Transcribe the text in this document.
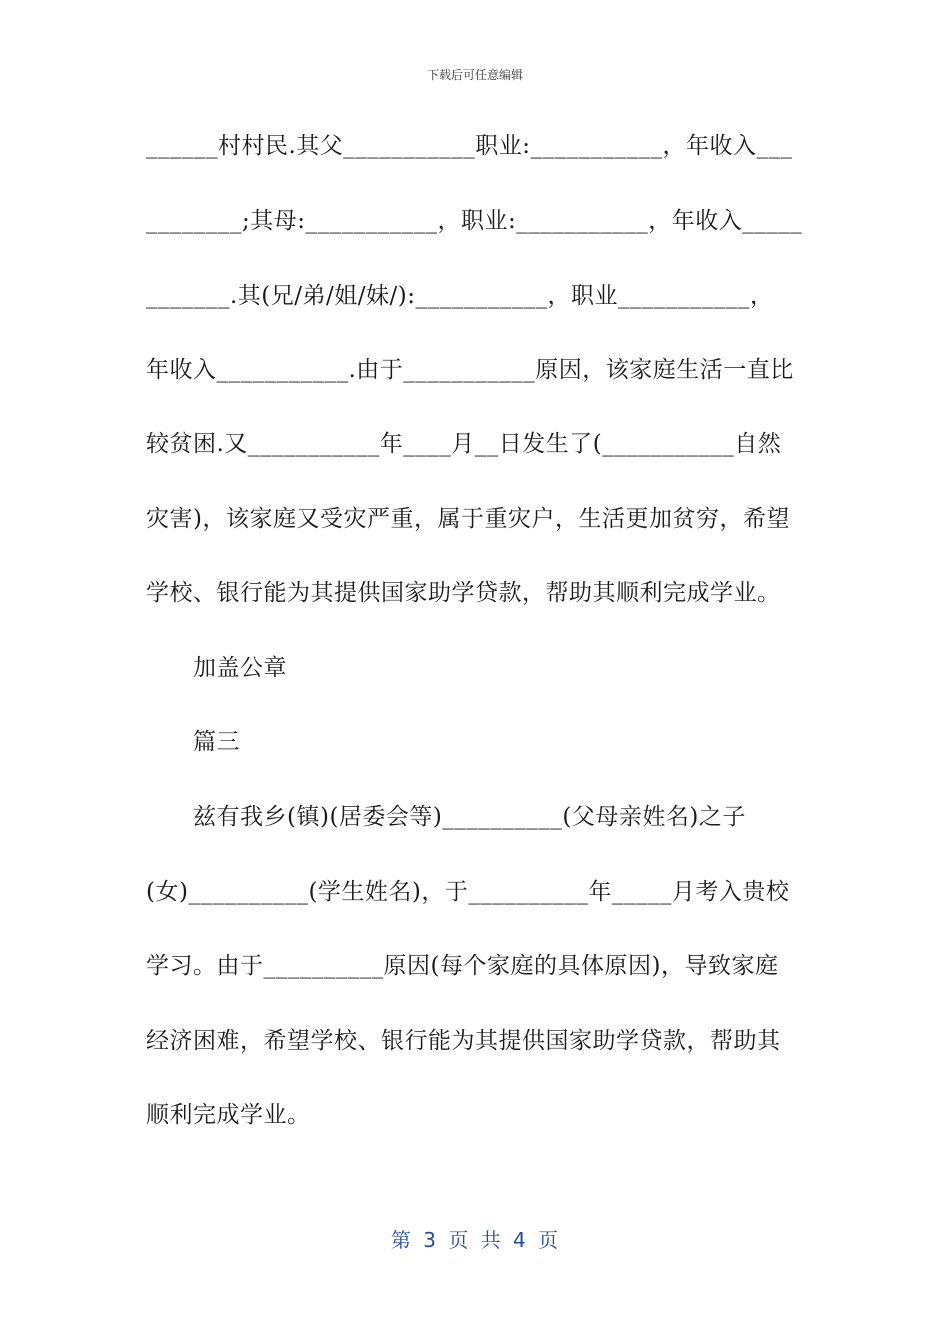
下载后可任意编辑
______村村民.其父___________职业:___________，年收入___
________;其母:___________，职业:___________，年收入_____
_______.其(兄/弟/姐/妹/):___________，职业___________，
年收入___________.由于___________原因，该家庭生活一直比
较贫困.又___________年____月__日发生了(___________自然
灾害)，该家庭又受灾严重，属于重灾户，生活更加贫穷，希望
学校、银行能为其提供国家助学贷款，帮助其顺利完成学业。
加盖公章
篇三
兹有我乡(镇)(居委会等)__________(父母亲姓名)之子
(女)__________(学生姓名)，于__________年_____月考入贵校
学习。由于__________原因(每个家庭的具体原因)，导致家庭
经济困难，希望学校、银行能为其提供国家助学贷款，帮助其
顺利完成学业。
第 3 页 共 4 页
